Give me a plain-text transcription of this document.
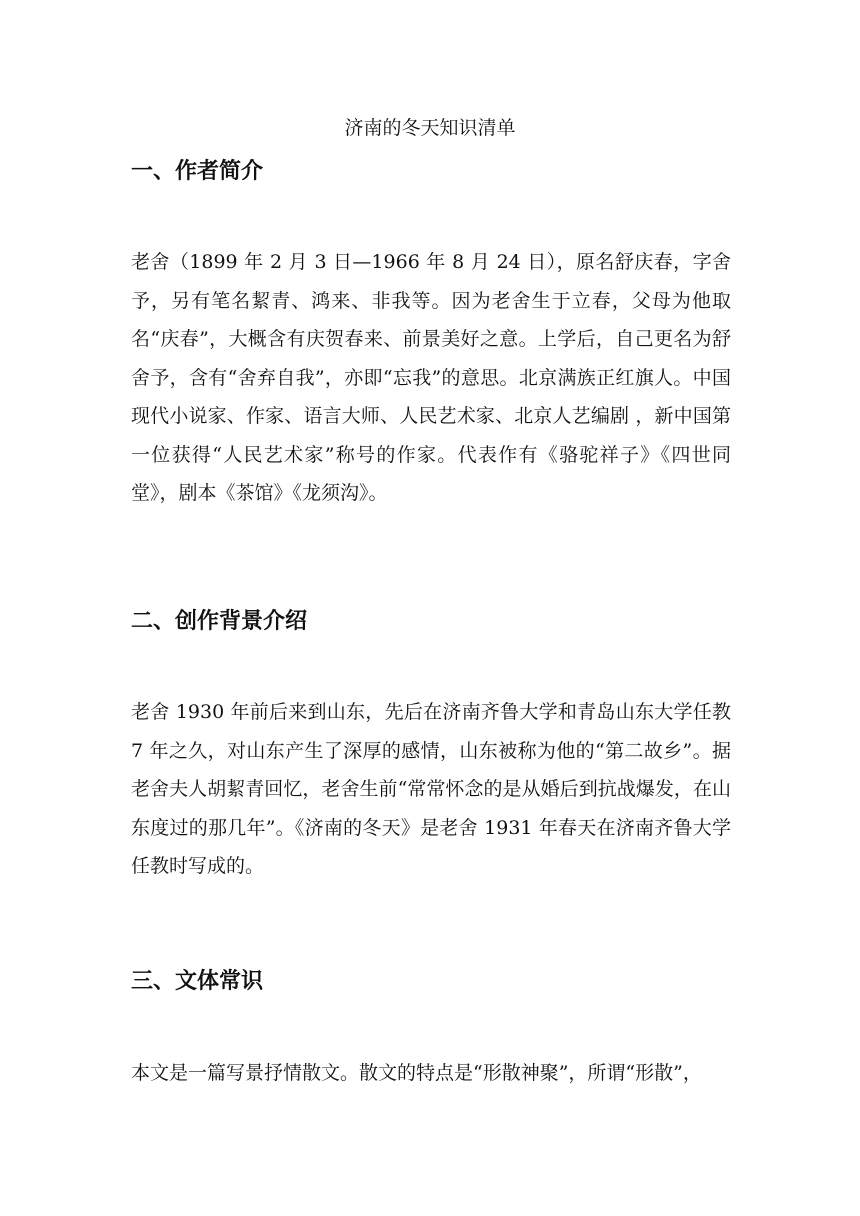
济南的冬天知识清单
一、作者简介

老舍（1899 年 2 月 3 日—1966 年 8 月 24 日），原名舒庆春，字舍予，另有笔名絜青、鸿来、非我等。因为老舍生于立春，父母为他取名“庆春”，大概含有庆贺春来、前景美好之意。上学后，自己更名为舒舍予，含有“舍弃自我”，亦即“忘我”的意思。北京满族正红旗人。中国现代小说家、作家、语言大师、人民艺术家、北京人艺编剧 ，新中国第一位获得“人民艺术家”称号的作家。代表作有《骆驼祥子》《四世同堂》，剧本《茶馆》《龙须沟》。

二、创作背景介绍

老舍 1930 年前后来到山东，先后在济南齐鲁大学和青岛山东大学任教 7 年之久，对山东产生了深厚的感情，山东被称为他的“第二故乡”。据老舍夫人胡絜青回忆，老舍生前“常常怀念的是从婚后到抗战爆发，在山东度过的那几年”。《济南的冬天》是老舍 1931 年春天在济南齐鲁大学任教时写成的。

三、文体常识

本文是一篇写景抒情散文。散文的特点是“形散神聚”，所谓“形散”，
